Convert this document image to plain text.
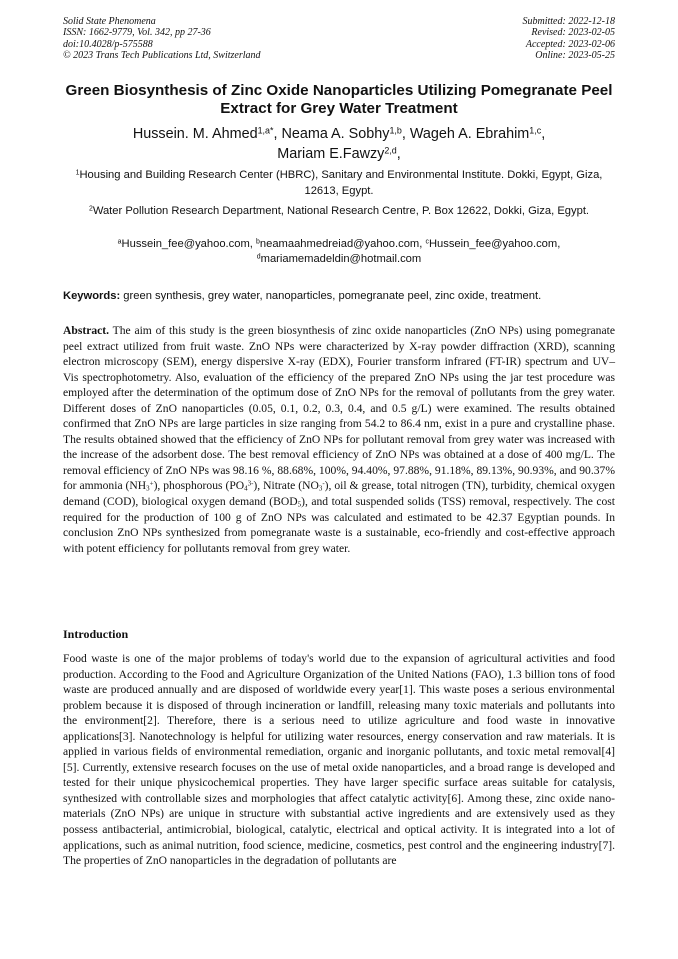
Solid State Phenomena
ISSN: 1662-9779, Vol. 342, pp 27-36
doi:10.4028/p-575588
© 2023 Trans Tech Publications Ltd, Switzerland
Submitted: 2022-12-18
Revised: 2023-02-05
Accepted: 2023-02-06
Online: 2023-05-25
Green Biosynthesis of Zinc Oxide Nanoparticles Utilizing Pomegranate Peel Extract for Grey Water Treatment
Hussein. M. Ahmed$^{1,a*}$, Neama A. Sobhy$^{1,b}$, Wageh A. Ebrahim$^{1,c}$,
Mariam E.Fawzy$^{2,d}$,
$^1$Housing and Building Research Center (HBRC), Sanitary and Environmental Institute. Dokki, Egypt, Giza, 12613, Egypt.
$^2$Water Pollution Research Department, National Research Centre, P. Box 12622, Dokki, Giza, Egypt.
$^a$Hussein_fee@yahoo.com, $^b$neamaahmedreiad@yahoo.com, $^c$Hussein_fee@yahoo.com,
$^d$mariamemadeldin@hotmail.com
Keywords: green synthesis, grey water, nanoparticles, pomegranate peel, zinc oxide, treatment.

Abstract. The aim of this study is the green biosynthesis of zinc oxide nanoparticles (ZnO NPs) using pomegranate peel extract utilized from fruit waste. ZnO NPs were characterized by X-ray powder diffraction (XRD), scanning electron microscopy (SEM), energy dispersive X-ray (EDX), Fourier transform infrared (FT-IR) spectrum and UV–Vis spectrophotometry. Also, evaluation of the efficiency of the prepared ZnO NPs using the jar test procedure was employed after the determination of the optimum dose of ZnO NPs for the removal of pollutants from the grey water. Different doses of ZnO nanoparticles (0.05, 0.1, 0.2, 0.3, 0.4, and 0.5 g/L) were examined. The results obtained confirmed that ZnO NPs are large particles in size ranging from 54.2 to 86.4 nm, exist in a pure and crystalline phase. The results obtained showed that the efficiency of ZnO NPs for pollutant removal from grey water was increased with the increase of the adsorbent dose. The best removal efficiency of ZnO NPs was obtained at a dose of 400 mg/L. The removal efficiency of ZnO NPs was 98.16 %, 88.68%, 100%, 94.40%, 97.88%, 91.18%, 89.13%, 90.93%, and 90.37% for ammonia $(NH_3^+)$, phosphorous $(PO_4^{3-})$, Nitrate $(NO_3^-)$, oil & grease, total nitrogen (TN), turbidity, chemical oxygen demand (COD), biological oxygen demand $(BOD_5)$, and total suspended solids (TSS) removal, respectively. The cost required for the production of 100 g of ZnO NPs was calculated and estimated to be 42.37 Egyptian pounds. In conclusion ZnO NPs synthesized from pomegranate waste is a sustainable, eco-friendly and cost-effective approach with potent efficiency for pollutants removal from grey water.

Introduction

Food waste is one of the major problems of today's world due to the expansion of agricultural activities and food production. According to the Food and Agriculture Organization of the United Nations (FAO), 1.3 billion tons of food waste are produced annually and are disposed of worldwide every year[1]. This waste poses a serious environmental problem because it is disposed of through incineration or landfill, releasing many toxic materials and pollutants into the environment[2]. Therefore, there is a serious need to utilize agriculture and food waste in innovative applications[3]. Nanotechnology is helpful for utilizing water resources, energy conservation and raw materials. It is applied in various fields of environmental remediation, organic and inorganic pollutants, and toxic metal removal[4][5]. Currently, extensive research focuses on the use of metal oxide nanoparticles, and a broad range is developed and tested for their unique physicochemical properties. They have larger specific surface areas suitable for catalysis, synthesized with controllable sizes and morphologies that affect catalytic activity[6]. Among these, zinc oxide nano-materials (ZnO NPs) are unique in structure with substantial active ingredients and are extensively used as they possess antibacterial, antimicrobial, biological, catalytic, electrical and optical activity. It is integrated into a lot of applications, such as animal nutrition, food science, medicine, cosmetics, pest control and the engineering industry[7]. The properties of ZnO nanoparticles in the degradation of pollutants are
